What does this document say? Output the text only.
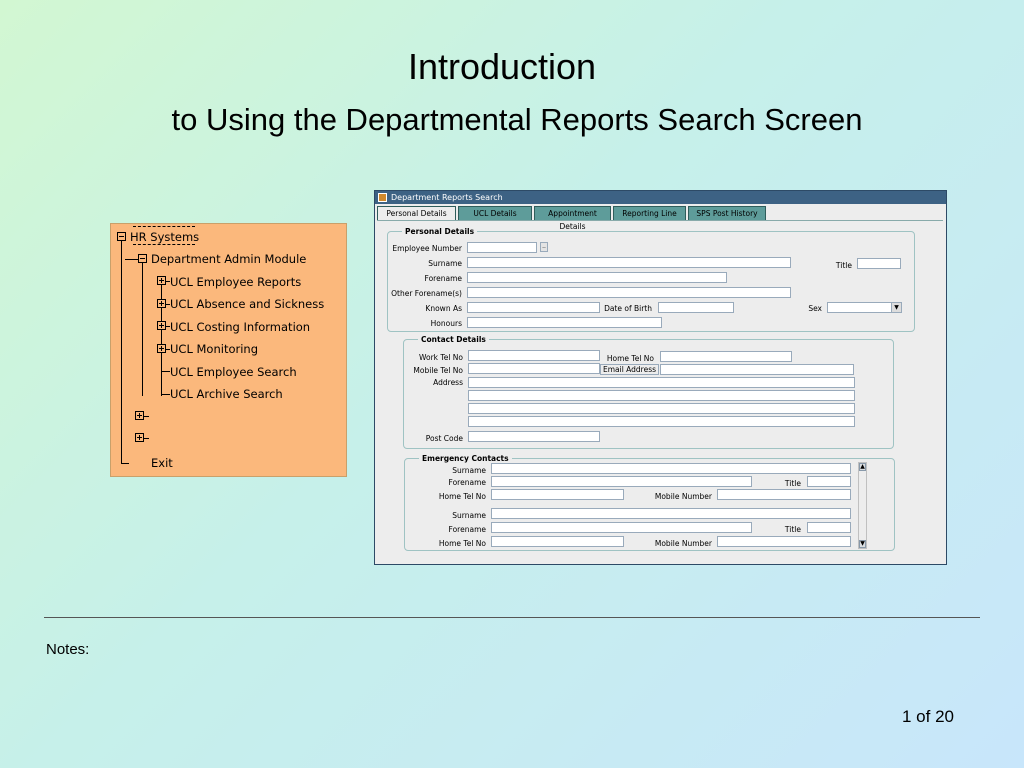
Introduction
to Using the Departmental Reports Search Screen
HR Systems
Department Admin Module
UCL Employee Reports
UCL Absence and Sickness
UCL Costing Information
UCL Monitoring
UCL Employee Search
UCL Archive Search
Exit
Department Reports Search
Personal Details	UCL Details	Appointment Details
Reporting Line	SPS Post History
Personal Details
Employee Number	..
Surname	Title
Forename
Other Forename(s)
Known As	Date of Birth	Sex	▼
Honours
Contact Details
Work Tel No	Home Tel No
Mobile Tel No	Email Address
Address
Post Code
Emergency Contacts
Surname
Forename	Title
Home Tel No	Mobile Number
Surname
Forename	Title
Home Tel No	Mobile Number
▲
▼
Notes:
1 of 20
